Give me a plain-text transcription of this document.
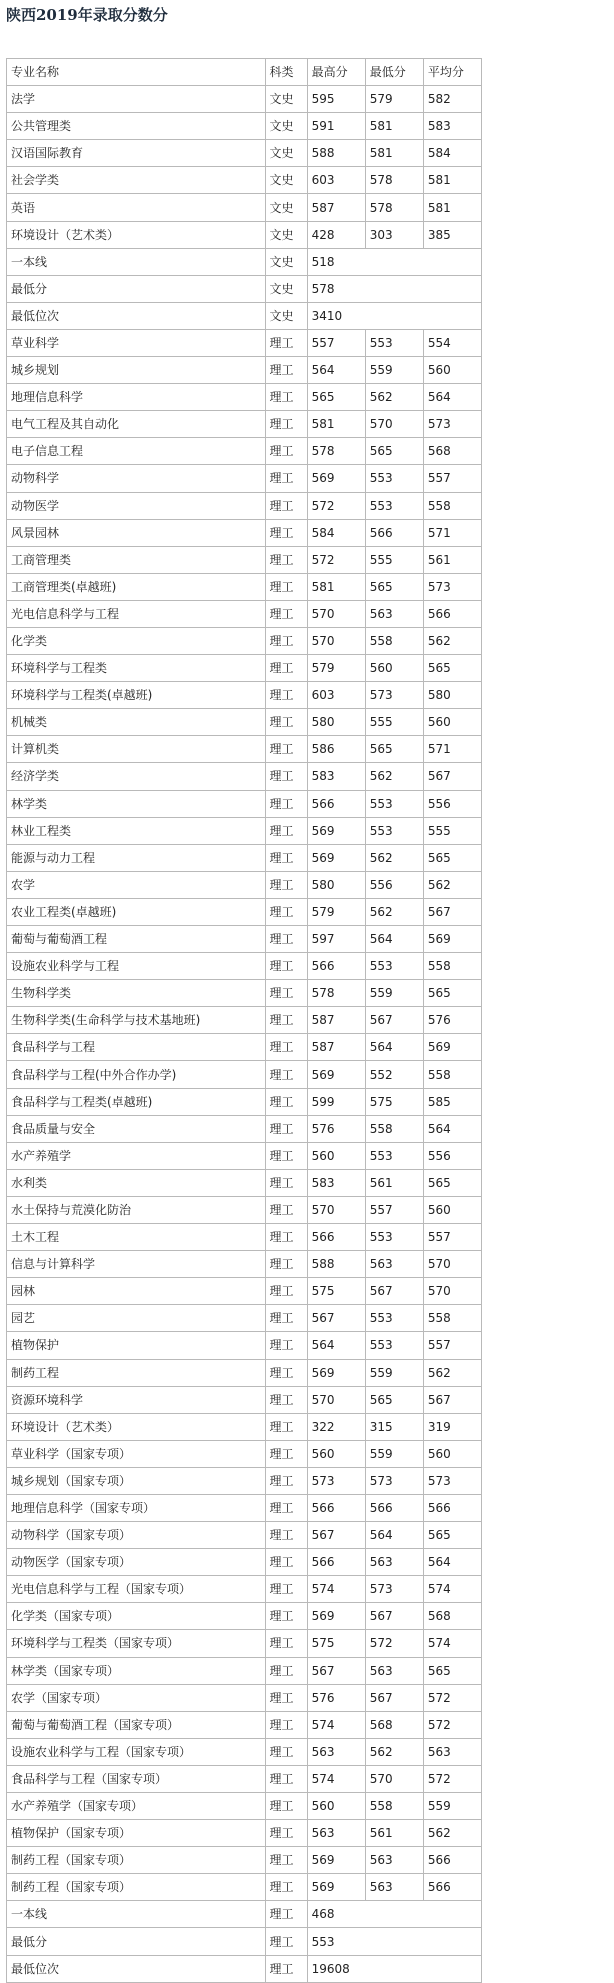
陕西2019年录取分数分
专业名称	科类	最高分	最低分	平均分
法学	文史	595	579	582
公共管理类	文史	591	581	583
汉语国际教育	文史	588	581	584
社会学类	文史	603	578	581
英语	文史	587	578	581
环境设计（艺术类）	文史	428	303	385
一本线	文史	518		
最低分	文史	578		
最低位次	文史	3410		
草业科学	理工	557	553	554
城乡规划	理工	564	559	560
地理信息科学	理工	565	562	564
电气工程及其自动化	理工	581	570	573
电子信息工程	理工	578	565	568
动物科学	理工	569	553	557
动物医学	理工	572	553	558
风景园林	理工	584	566	571
工商管理类	理工	572	555	561
工商管理类(卓越班)	理工	581	565	573
光电信息科学与工程	理工	570	563	566
化学类	理工	570	558	562
环境科学与工程类	理工	579	560	565
环境科学与工程类(卓越班)	理工	603	573	580
机械类	理工	580	555	560
计算机类	理工	586	565	571
经济学类	理工	583	562	567
林学类	理工	566	553	556
林业工程类	理工	569	553	555
能源与动力工程	理工	569	562	565
农学	理工	580	556	562
农业工程类(卓越班)	理工	579	562	567
葡萄与葡萄酒工程	理工	597	564	569
设施农业科学与工程	理工	566	553	558
生物科学类	理工	578	559	565
生物科学类(生命科学与技术基地班)	理工	587	567	576
食品科学与工程	理工	587	564	569
食品科学与工程(中外合作办学)	理工	569	552	558
食品科学与工程类(卓越班)	理工	599	575	585
食品质量与安全	理工	576	558	564
水产养殖学	理工	560	553	556
水利类	理工	583	561	565
水土保持与荒漠化防治	理工	570	557	560
土木工程	理工	566	553	557
信息与计算科学	理工	588	563	570
园林	理工	575	567	570
园艺	理工	567	553	558
植物保护	理工	564	553	557
制药工程	理工	569	559	562
资源环境科学	理工	570	565	567
环境设计（艺术类）	理工	322	315	319
草业科学（国家专项）	理工	560	559	560
城乡规划（国家专项）	理工	573	573	573
地理信息科学（国家专项）	理工	566	566	566
动物科学（国家专项）	理工	567	564	565
动物医学（国家专项）	理工	566	563	564
光电信息科学与工程（国家专项）	理工	574	573	574
化学类（国家专项）	理工	569	567	568
环境科学与工程类（国家专项）	理工	575	572	574
林学类（国家专项）	理工	567	563	565
农学（国家专项）	理工	576	567	572
葡萄与葡萄酒工程（国家专项）	理工	574	568	572
设施农业科学与工程（国家专项）	理工	563	562	563
食品科学与工程（国家专项）	理工	574	570	572
水产养殖学（国家专项）	理工	560	558	559
植物保护（国家专项）	理工	563	561	562
制药工程（国家专项）	理工	569	563	566
制药工程（国家专项）	理工	569	563	566
一本线	理工	468		
最低分	理工	553		
最低位次	理工	19608		
